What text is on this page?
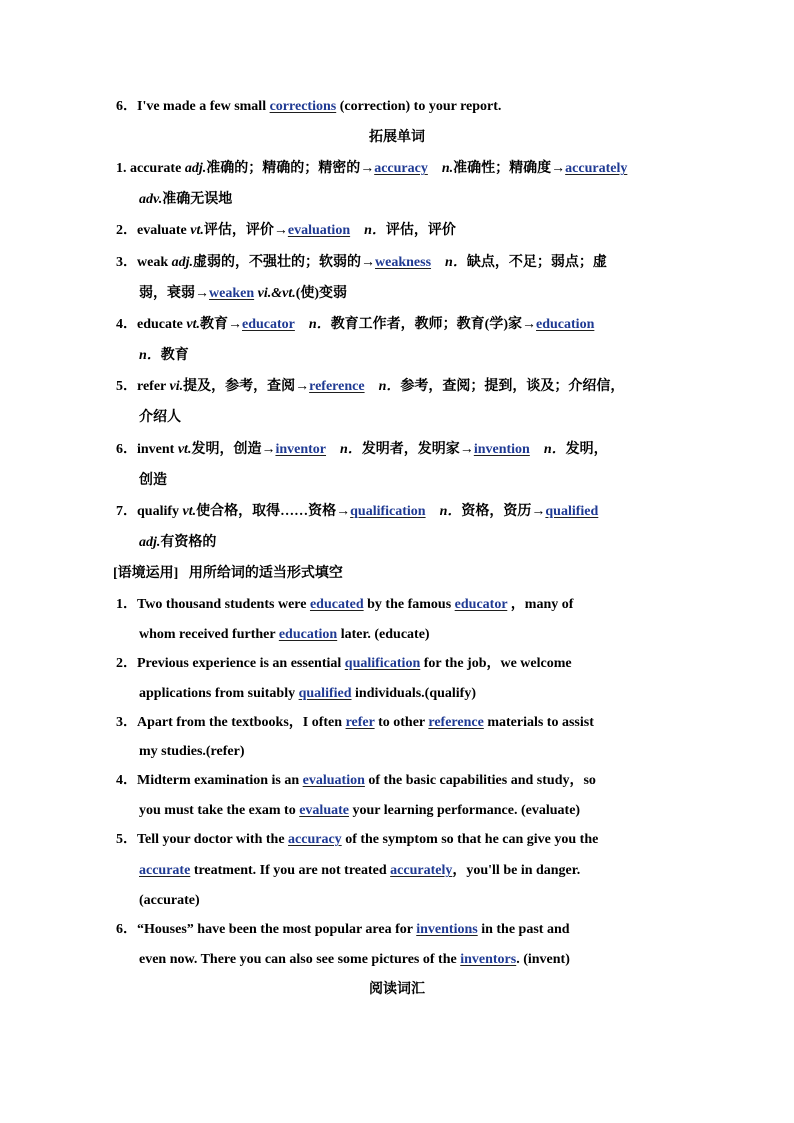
6．I've made a few small corrections (correction) to your report.
拓展单词
1. accurate adj.准确的；精确的；精密的→accuracy n.准确性；精确度→accurately
adv.准确无误地
2．evaluate vt.评估，评价→evaluation n．评估，评价
3．weak adj.虚弱的，不强壮的；软弱的→weakness n．缺点，不足；弱点；虚
弱，衰弱→weaken vi.&vt.(使)变弱
4．educate vt.教育→educator n．教育工作者，教师；教育(学)家→education
n．教育
5．refer vi.提及，参考，查阅→reference n．参考，查阅；提到，谈及；介绍信，
介绍人
6．invent vt.发明，创造→inventor n．发明者，发明家→invention n．发明，
创造
7．qualify vt.使合格，取得……资格→qualification n．资格，资历→qualified
adj.有资格的
[语境运用] 用所给词的适当形式填空
1．Two thousand students were educated by the famous educator ，many of
whom received further education later. (educate)
2．Previous experience is an essential qualification for the job，we welcome
applications from suitably qualified individuals.(qualify)
3．Apart from the textbooks，I often refer to other reference materials to assist
my studies.(refer)
4．Midterm examination is an evaluation of the basic capabilities and study，so
you must take the exam to evaluate your learning performance. (evaluate)
5．Tell your doctor with the accuracy of the symptom so that he can give you the
accurate treatment. If you are not treated accurately，you'll be in danger.
(accurate)
6．“Houses” have been the most popular area for inventions in the past and
even now. There you can also see some pictures of the inventors. (invent)
阅读词汇
